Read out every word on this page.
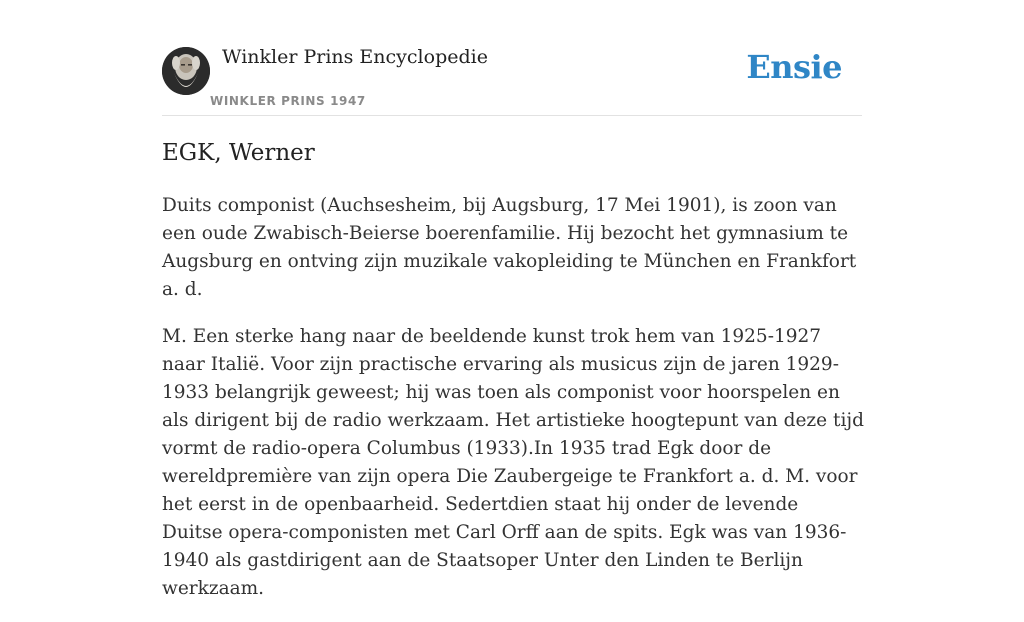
Winkler Prins Encyclopedie
WINKLER PRINS 1947
Ensie
EGK, Werner

Duits componist (Auchsesheim, bij Augsburg, 17 Mei 1901), is zoon van een oude Zwabisch-Beierse boerenfamilie. Hij bezocht het gymnasium te Augsburg en ontving zijn muzikale vakopleiding te München en Frankfort a. d.

M. Een sterke hang naar de beeldende kunst trok hem van 1925-1927 naar Italië. Voor zijn practische ervaring als musicus zijn de jaren 1929-1933 belangrijk geweest; hij was toen als componist voor hoorspelen en als dirigent bij de radio werkzaam. Het artistieke hoogtepunt van deze tijd vormt de radio-opera Columbus (1933).In 1935 trad Egk door de wereldpremière van zijn opera Die Zaubergeige te Frankfort a. d. M. voor het eerst in de openbaarheid. Sedertdien staat hij onder de levende Duitse opera-componisten met Carl Orff aan de spits. Egk was van 1936-1940 als gastdirigent aan de Staatsoper Unter den Linden te Berlijn werkzaam.
